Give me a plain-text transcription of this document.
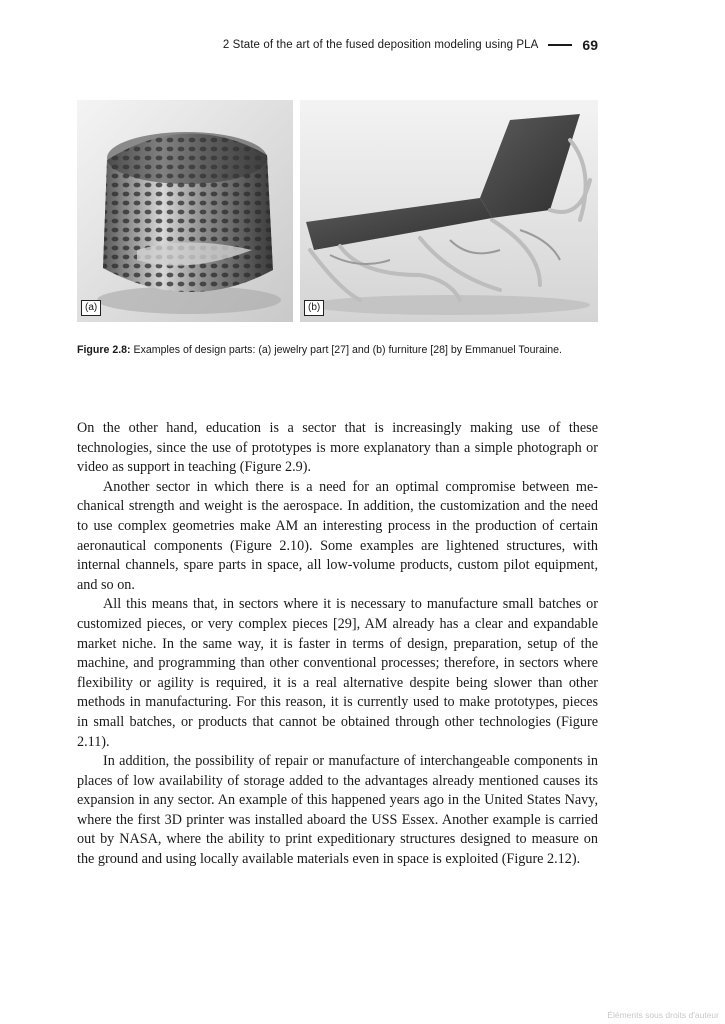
2 State of the art of the fused deposition modeling using PLA	69
(a)	(b)
Figure 2.8: Examples of design parts: (a) jewelry part [27] and (b) furniture [28] by Emmanuel Touraine.

On the other hand, education is a sector that is increasingly making use of these technologies, since the use of prototypes is more explanatory than a simple photograph or video as support in teaching (Figure 2.9).

Another sector in which there is a need for an optimal compromise between mechanical strength and weight is the aerospace. In addition, the customization and the need to use complex geometries make AM an interesting process in the production of certain aeronautical components (Figure 2.10). Some examples are lightened structures, with internal channels, spare parts in space, all low-volume products, custom pilot equipment, and so on.

All this means that, in sectors where it is necessary to manufacture small batches or customized pieces, or very complex pieces [29], AM already has a clear and expandable market niche. In the same way, it is faster in terms of design, preparation, setup of the machine, and programming than other conventional processes; therefore, in sectors where flexibility or agility is required, it is a real alternative despite being slower than other methods in manufacturing. For this reason, it is currently used to make prototypes, pieces in small batches, or products that cannot be obtained through other technologies (Figure 2.11).

In addition, the possibility of repair or manufacture of interchangeable components in places of low availability of storage added to the advantages already mentioned causes its expansion in any sector. An example of this happened years ago in the United States Navy, where the first 3D printer was installed aboard the USS Essex. Another example is carried out by NASA, where the ability to print expeditionary structures designed to measure on the ground and using locally available materials even in space is exploited (Figure 2.12).

Éléments sous droits d'auteur
